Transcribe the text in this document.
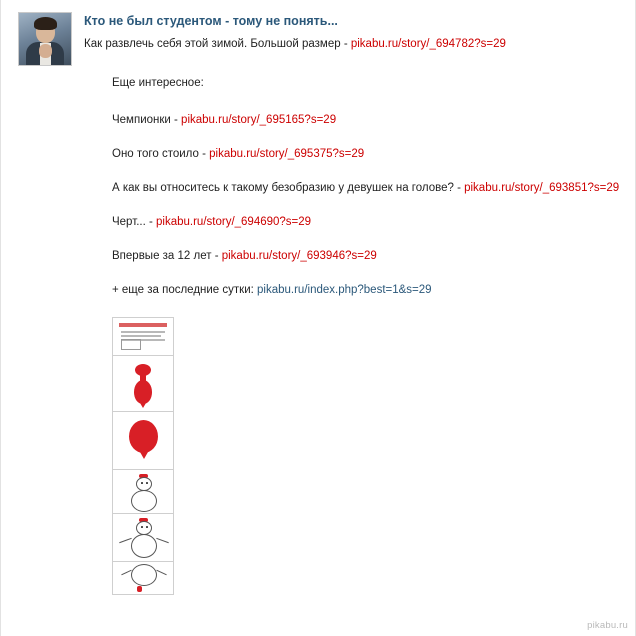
Кто не был студентом - тому не понять...
Как развлечь себя этой зимой. Большой размер - pikabu.ru/story/_694782?s=29
Еще интересное:
Чемпионки - pikabu.ru/story/_695165?s=29
Оно того стоило - pikabu.ru/story/_695375?s=29
А как вы относитесь к такому безобразию у девушек на голове? - pikabu.ru/story/_693851?s=29
Черт... - pikabu.ru/story/_694690?s=29
Впервые за 12 лет - pikabu.ru/story/_693946?s=29
+ еще за последние сутки: pikabu.ru/index.php?best=1&s=29
pikabu.ru
